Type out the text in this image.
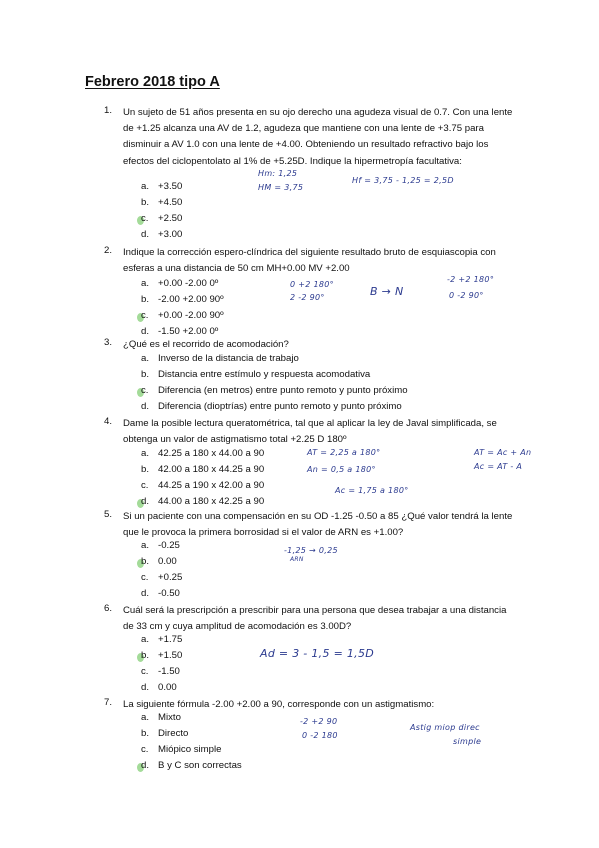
Febrero 2018 tipo A
1. Un sujeto de 51 años presenta en su ojo derecho una agudeza visual de 0.7. Con una lente de +1.25 alcanza una AV de 1.2, agudeza que mantiene con una lente de +3.75 para disminuir a AV 1.0 con una lente de +4.00. Obteniendo un resultado refractivo bajo los efectos del ciclopentolato al 1% de +5.25D. Indique la hipermetropía facultativa:
a. +3.50
b. +4.50
c. +2.50
d. +3.00
Hm: 1,25
HM = 3,75
Hf = 3,75 - 1,25 = 2,5D
2. Indique la corrección espero-clíndrica del siguiente resultado bruto de esquiascopia con esferas a una distancia de 50 cm MH+0.00 MV +2.00
a. +0.00 -2.00 0º
b. -2.00 +2.00 90º
c. +0.00 -2.00 90º
d. -1.50 +2.00 0º
0 +2 180°
2 -2 90°	B → N
-2 +2 180°
0 -2 90°
3. ¿Qué es el recorrido de acomodación?
a. Inverso de la distancia de trabajo
b. Distancia entre estímulo y respuesta acomodativa
c. Diferencia (en metros) entre punto remoto y punto próximo
d. Diferencia (dioptrías) entre punto remoto y punto próximo
4. Dame la posible lectura queratométrica, tal que al aplicar la ley de Javal simplificada, se obtenga un valor de astigmatismo total +2.25 D 180º
a. 42.25 a 180 x 44.00 a 90
b. 42.00 a 180 x 44.25 a 90
c. 44.25 a 190 x 42.00 a 90
d. 44.00 a 180 x 42.25 a 90
AT = 2,25 a 180°	AT = Ac + An
An = 0,5 a 180°	Ac = AT - A
Ac = 1,75 a 180°
5. Si un paciente con una compensación en su OD -1.25 -0.50 a 85 ¿Qué valor tendrá la lente que le provoca la primera borrosidad si el valor de ARN es +1.00?
a. -0.25
b. 0.00
c. +0.25
d. -0.50
-1,25 → 0,25
ARN
6. Cuál será la prescripción a prescribir para una persona que desea trabajar a una distancia de 33 cm y cuya amplitud de acomodación es 3.00D?
a. +1.75
b. +1.50
c. -1.50
d. 0.00
Ad = 3 - 1,5 = 1,5D
7. La siguiente fórmula -2.00 +2.00 a 90, corresponde con un astigmatismo:
a. Mixto
b. Directo
c. Miópico simple
d. B y C son correctas
-2 +2 90
0 -2 180
Astig miop direc
simple
